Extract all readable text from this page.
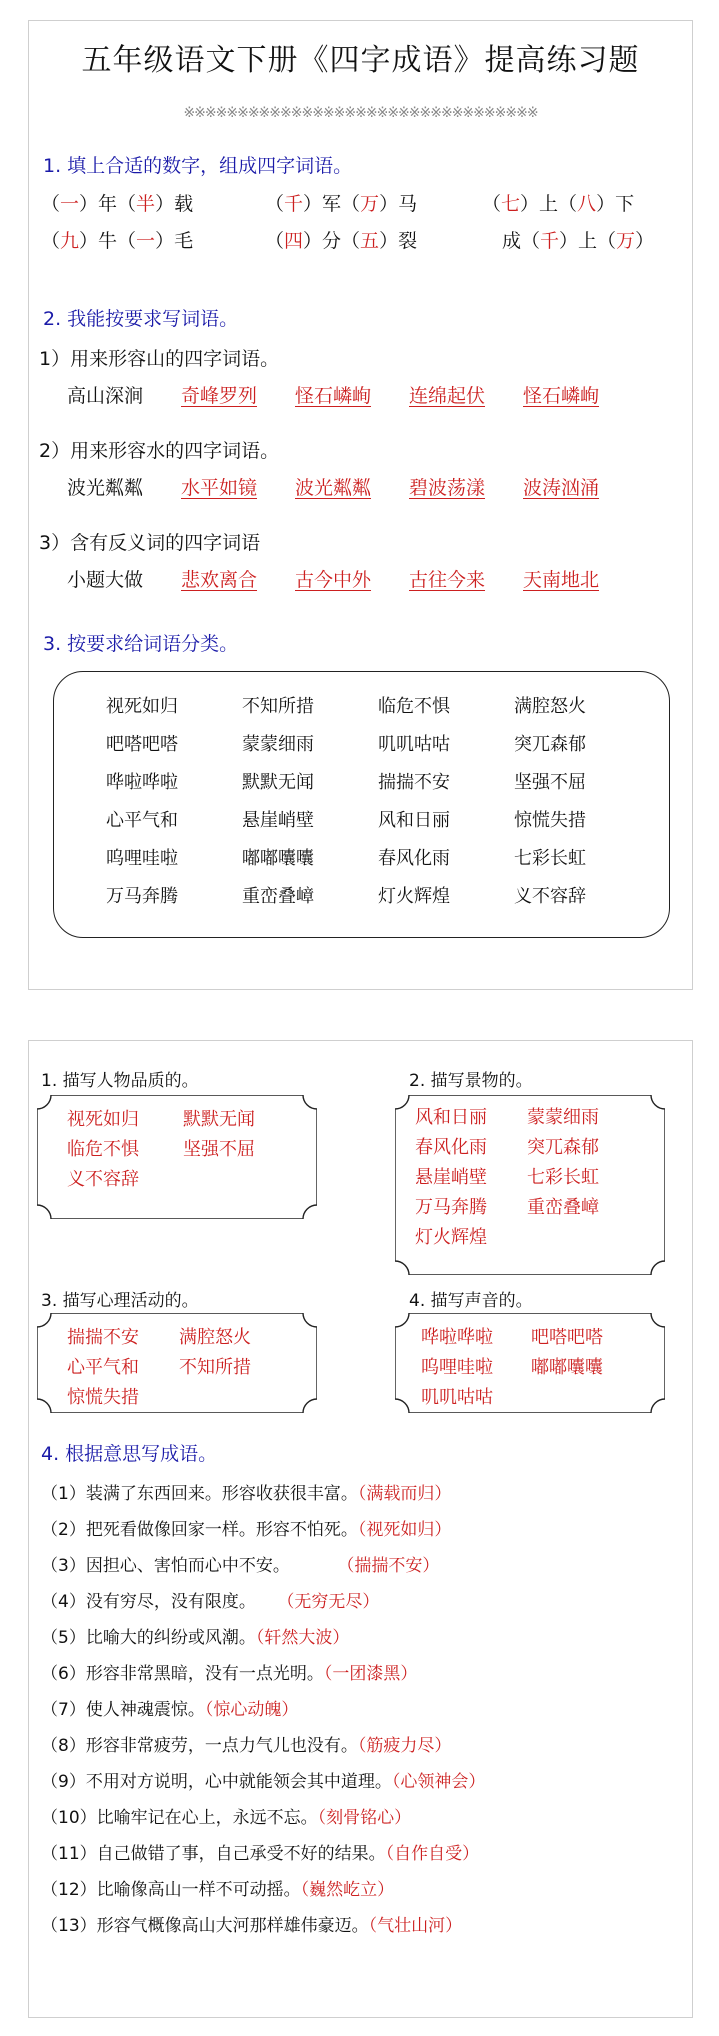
五年级语文下册《四字成语》提高练习题
※※※※※※※※※※※※※※※※※※※※※※※※※※※※※※※※※
1. 填上合适的数字，组成四字词语。
（一）年（半）载	（千）军（万）马	（七）上（八）下
（九）牛（一）毛	（四）分（五）裂	成（千）上（万）
2. 我能按要求写词语。
1）用来形容山的四字词语。
高山深涧 奇峰罗列 怪石嶙峋 连绵起伏 怪石嶙峋
2）用来形容水的四字词语。
波光粼粼 水平如镜 波光粼粼 碧波荡漾 波涛汹涌
3）含有反义词的四字词语
小题大做 悲欢离合 古今中外 古往今来 天南地北
3. 按要求给词语分类。
视死如归	不知所措	临危不惧	满腔怒火
吧嗒吧嗒	蒙蒙细雨	叽叽咕咕	突兀森郁
哗啦哗啦	默默无闻	揣揣不安	坚强不屈
心平气和	悬崖峭壁	风和日丽	惊慌失措
呜哩哇啦	嘟嘟囔囔	春风化雨	七彩长虹
万马奔腾	重峦叠嶂	灯火辉煌	义不容辞
1. 描写人物品质的。
视死如归 默默无闻
临危不惧 坚强不屈
义不容辞
2. 描写景物的。
风和日丽 蒙蒙细雨
春风化雨 突兀森郁
悬崖峭壁 七彩长虹
万马奔腾 重峦叠嶂
灯火辉煌
3. 描写心理活动的。
揣揣不安 满腔怒火
心平气和 不知所措
惊慌失措
4. 描写声音的。
哗啦哗啦 吧嗒吧嗒
呜哩哇啦 嘟嘟囔囔
叽叽咕咕
4. 根据意思写成语。
（1）装满了东西回来。形容收获很丰富。（满载而归）
（2）把死看做像回家一样。形容不怕死。（视死如归）
（3）因担心、害怕而心中不安。	（揣揣不安）
（4）没有穷尽，没有限度。 （无穷无尽）
（5）比喻大的纠纷或风潮。（轩然大波）
（6）形容非常黑暗，没有一点光明。（一团漆黑）
（7）使人神魂震惊。（惊心动魄）
（8）形容非常疲劳，一点力气儿也没有。（筋疲力尽）
（9）不用对方说明，心中就能领会其中道理。（心领神会）
（10）比喻牢记在心上，永远不忘。（刻骨铭心）
（11）自己做错了事，自己承受不好的结果。（自作自受）
（12）比喻像高山一样不可动摇。（巍然屹立）
（13）形容气概像高山大河那样雄伟豪迈。（气壮山河）
